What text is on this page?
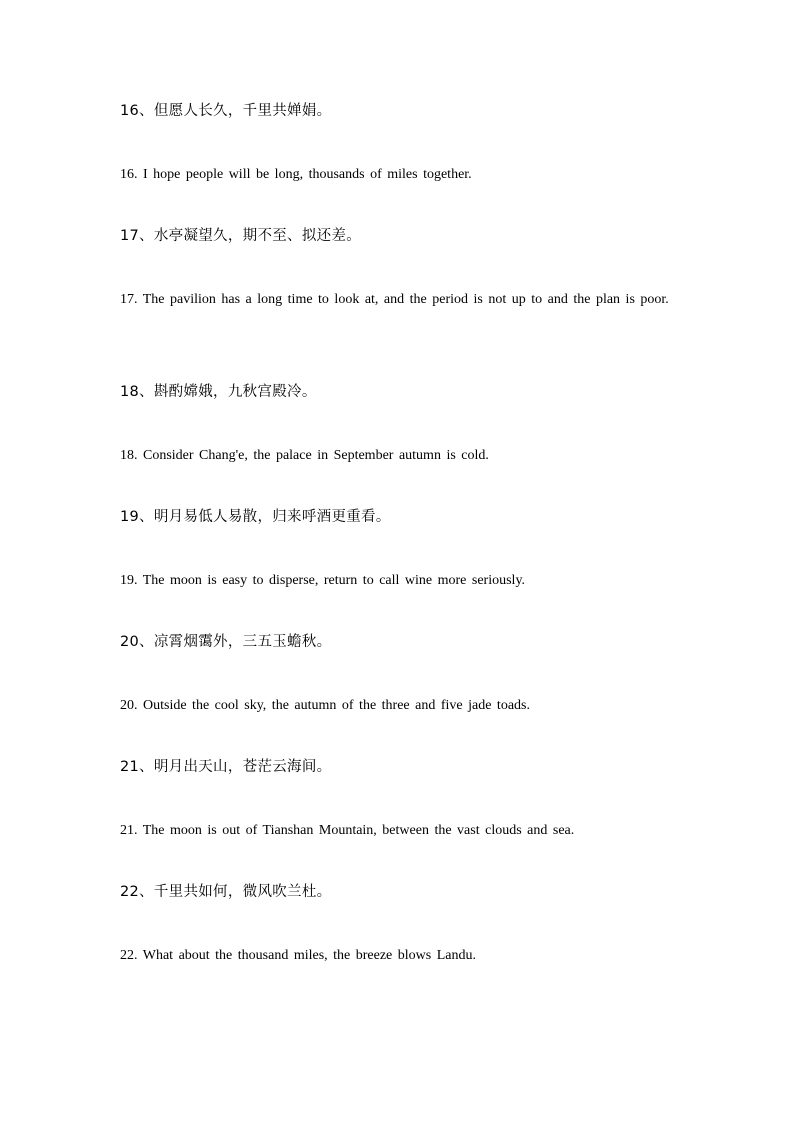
16、但愿人长久，千里共婵娟。
16. I hope people will be long, thousands of miles together.
17、水亭凝望久，期不至、拟还差。
17. The pavilion has a long time to look at, and the period is not up to and the plan is poor.
18、斟酌嫦娥，九秋宫殿冷。
18. Consider Chang'e, the palace in September autumn is cold.
19、明月易低人易散，归来呼酒更重看。
19. The moon is easy to disperse, return to call wine more seriously.
20、凉霄烟霭外，三五玉蟾秋。
20. Outside the cool sky, the autumn of the three and five jade toads.
21、明月出天山，苍茫云海间。
21. The moon is out of Tianshan Mountain, between the vast clouds and sea.
22、千里共如何，微风吹兰杜。
22. What about the thousand miles, the breeze blows Landu.
